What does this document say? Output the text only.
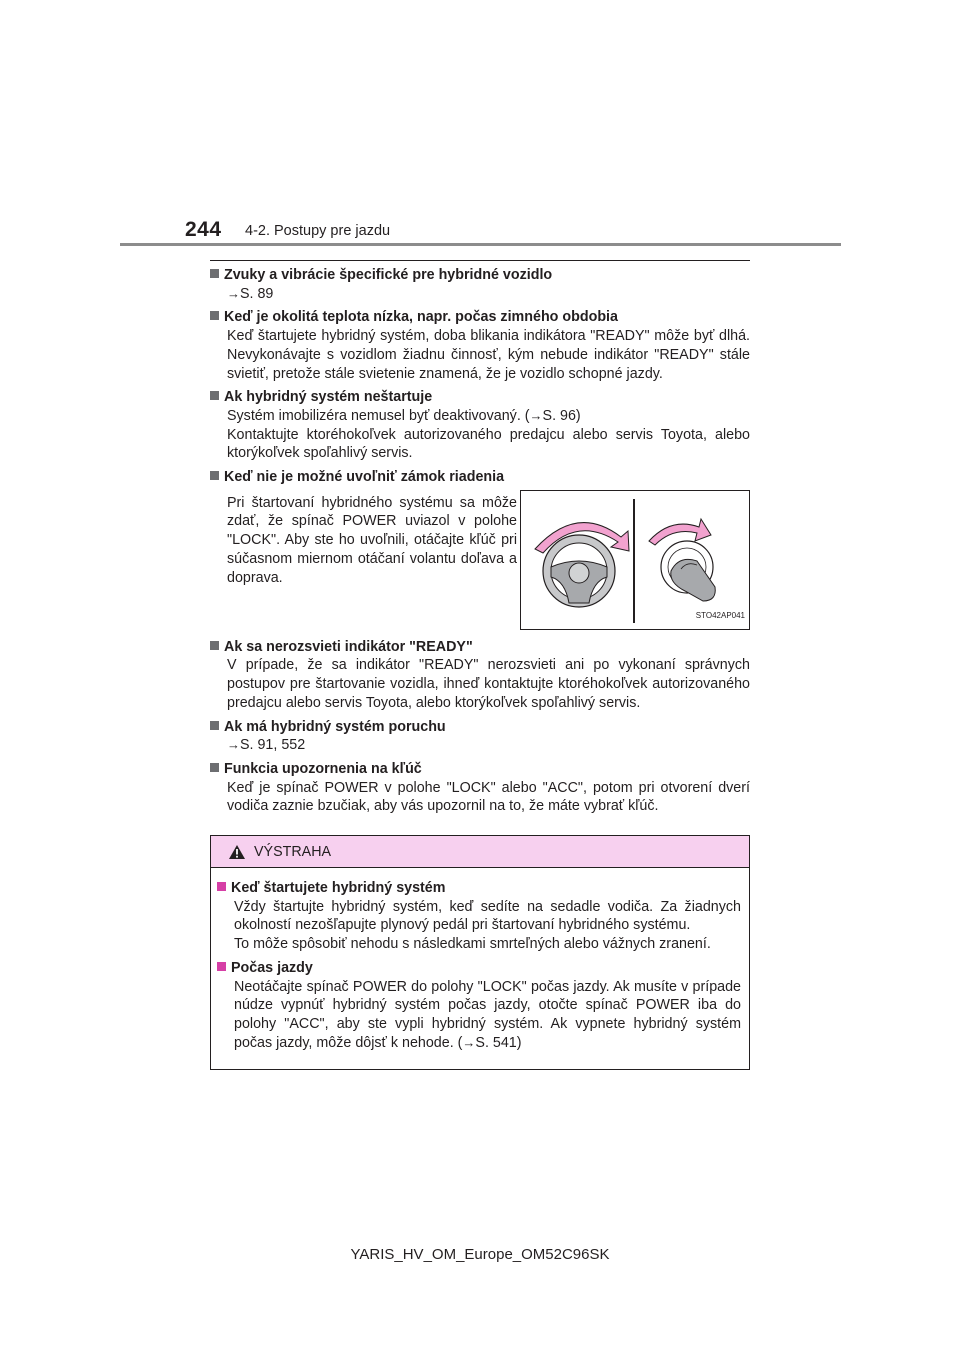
244 4-2. Postupy pre jazdu
Zvuky a vibrácie špecifické pre hybridné vozidlo
→S. 89
Keď je okolitá teplota nízka, napr. počas zimného obdobia
Keď štartujete hybridný systém, doba blikania indikátora "READY" môže byť dlhá. Nevykonávajte s vozidlom žiadnu činnosť, kým nebude indikátor "READY" stále svietiť, pretože stále svietenie znamená, že je vozidlo schopné jazdy.
Ak hybridný systém neštartuje
Systém imobilizéra nemusel byť deaktivovaný. (→S. 96)
Kontaktujte ktoréhokoľvek autorizovaného predajcu alebo servis Toyota, alebo ktorýkoľvek spoľahlivý servis.
Keď nie je možné uvoľniť zámok riadenia
Pri štartovaní hybridného systému sa môže zdať, že spínač POWER uviazol v polohe "LOCK". Aby ste ho uvoľnili, otáčajte kľúč pri súčasnom miernom otáčaní volantu doľava a doprava.
STO42AP041
Ak sa nerozsvieti indikátor "READY"
V prípade, že sa indikátor "READY" nerozsvieti ani po vykonaní správnych postupov pre štartovanie vozidla, ihneď kontaktujte ktoréhokoľvek autorizovaného predajcu alebo servis Toyota, alebo ktorýkoľvek spoľahlivý servis.
Ak má hybridný systém poruchu
→S. 91, 552
Funkcia upozornenia na kľúč
Keď je spínač POWER v polohe "LOCK" alebo "ACC", potom pri otvorení dverí vodiča zaznie bzučiak, aby vás upozornil na to, že máte vybrať kľúč.
VÝSTRAHA
Keď štartujete hybridný systém
Vždy štartujte hybridný systém, keď sedíte na sedadle vodiča. Za žiadnych okolností nezošľapujte plynový pedál pri štartovaní hybridného systému.
To môže spôsobiť nehodu s následkami smrteľných alebo vážnych zranení.
Počas jazdy
Neotáčajte spínač POWER do polohy "LOCK" počas jazdy. Ak musíte v prípade núdze vypnúť hybridný systém počas jazdy, otočte spínač POWER iba do polohy "ACC", aby ste vypli hybridný systém. Ak vypnete hybridný systém počas jazdy, môže dôjsť k nehode. (→S. 541)
YARIS_HV_OM_Europe_OM52C96SK
